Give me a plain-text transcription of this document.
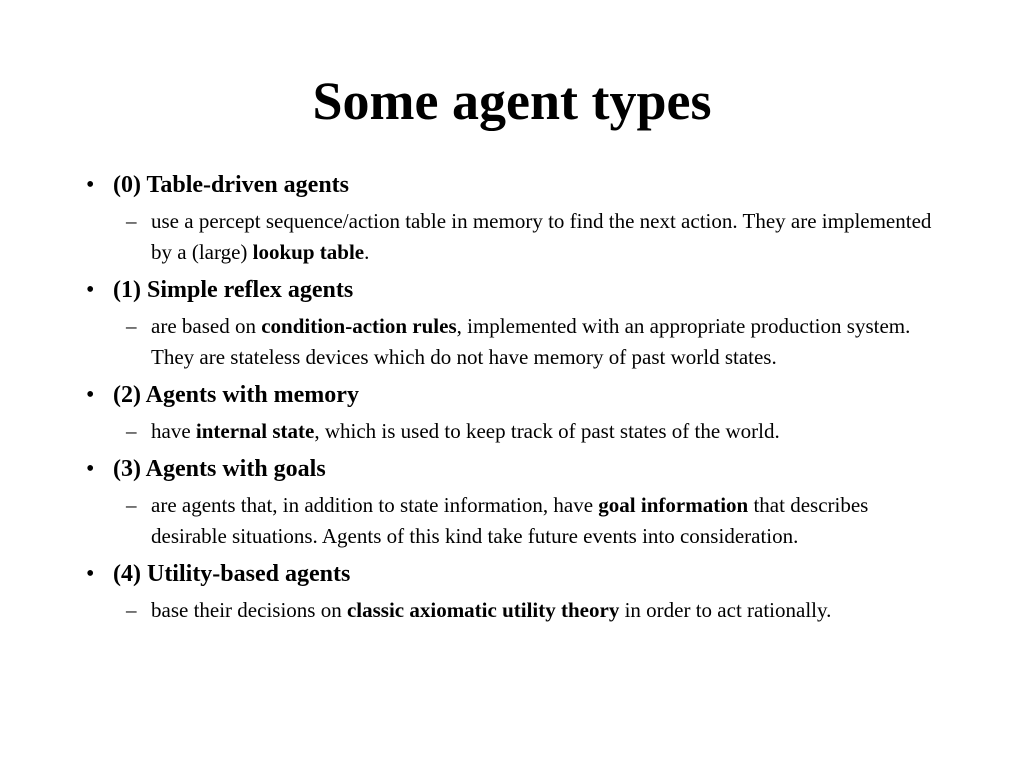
Some agent types
• (0) Table-driven agents
– use a percept sequence/action table in memory to find the next action. They are implemented by a (large) lookup table.
• (1) Simple reflex agents
– are based on condition-action rules, implemented with an appropriate production system. They are stateless devices which do not have memory of past world states.
• (2) Agents with memory
– have internal state, which is used to keep track of past states of the world.
• (3) Agents with goals
– are agents that, in addition to state information, have goal information that describes desirable situations. Agents of this kind take future events into consideration.
• (4) Utility-based agents
– base their decisions on classic axiomatic utility theory in order to act rationally.
